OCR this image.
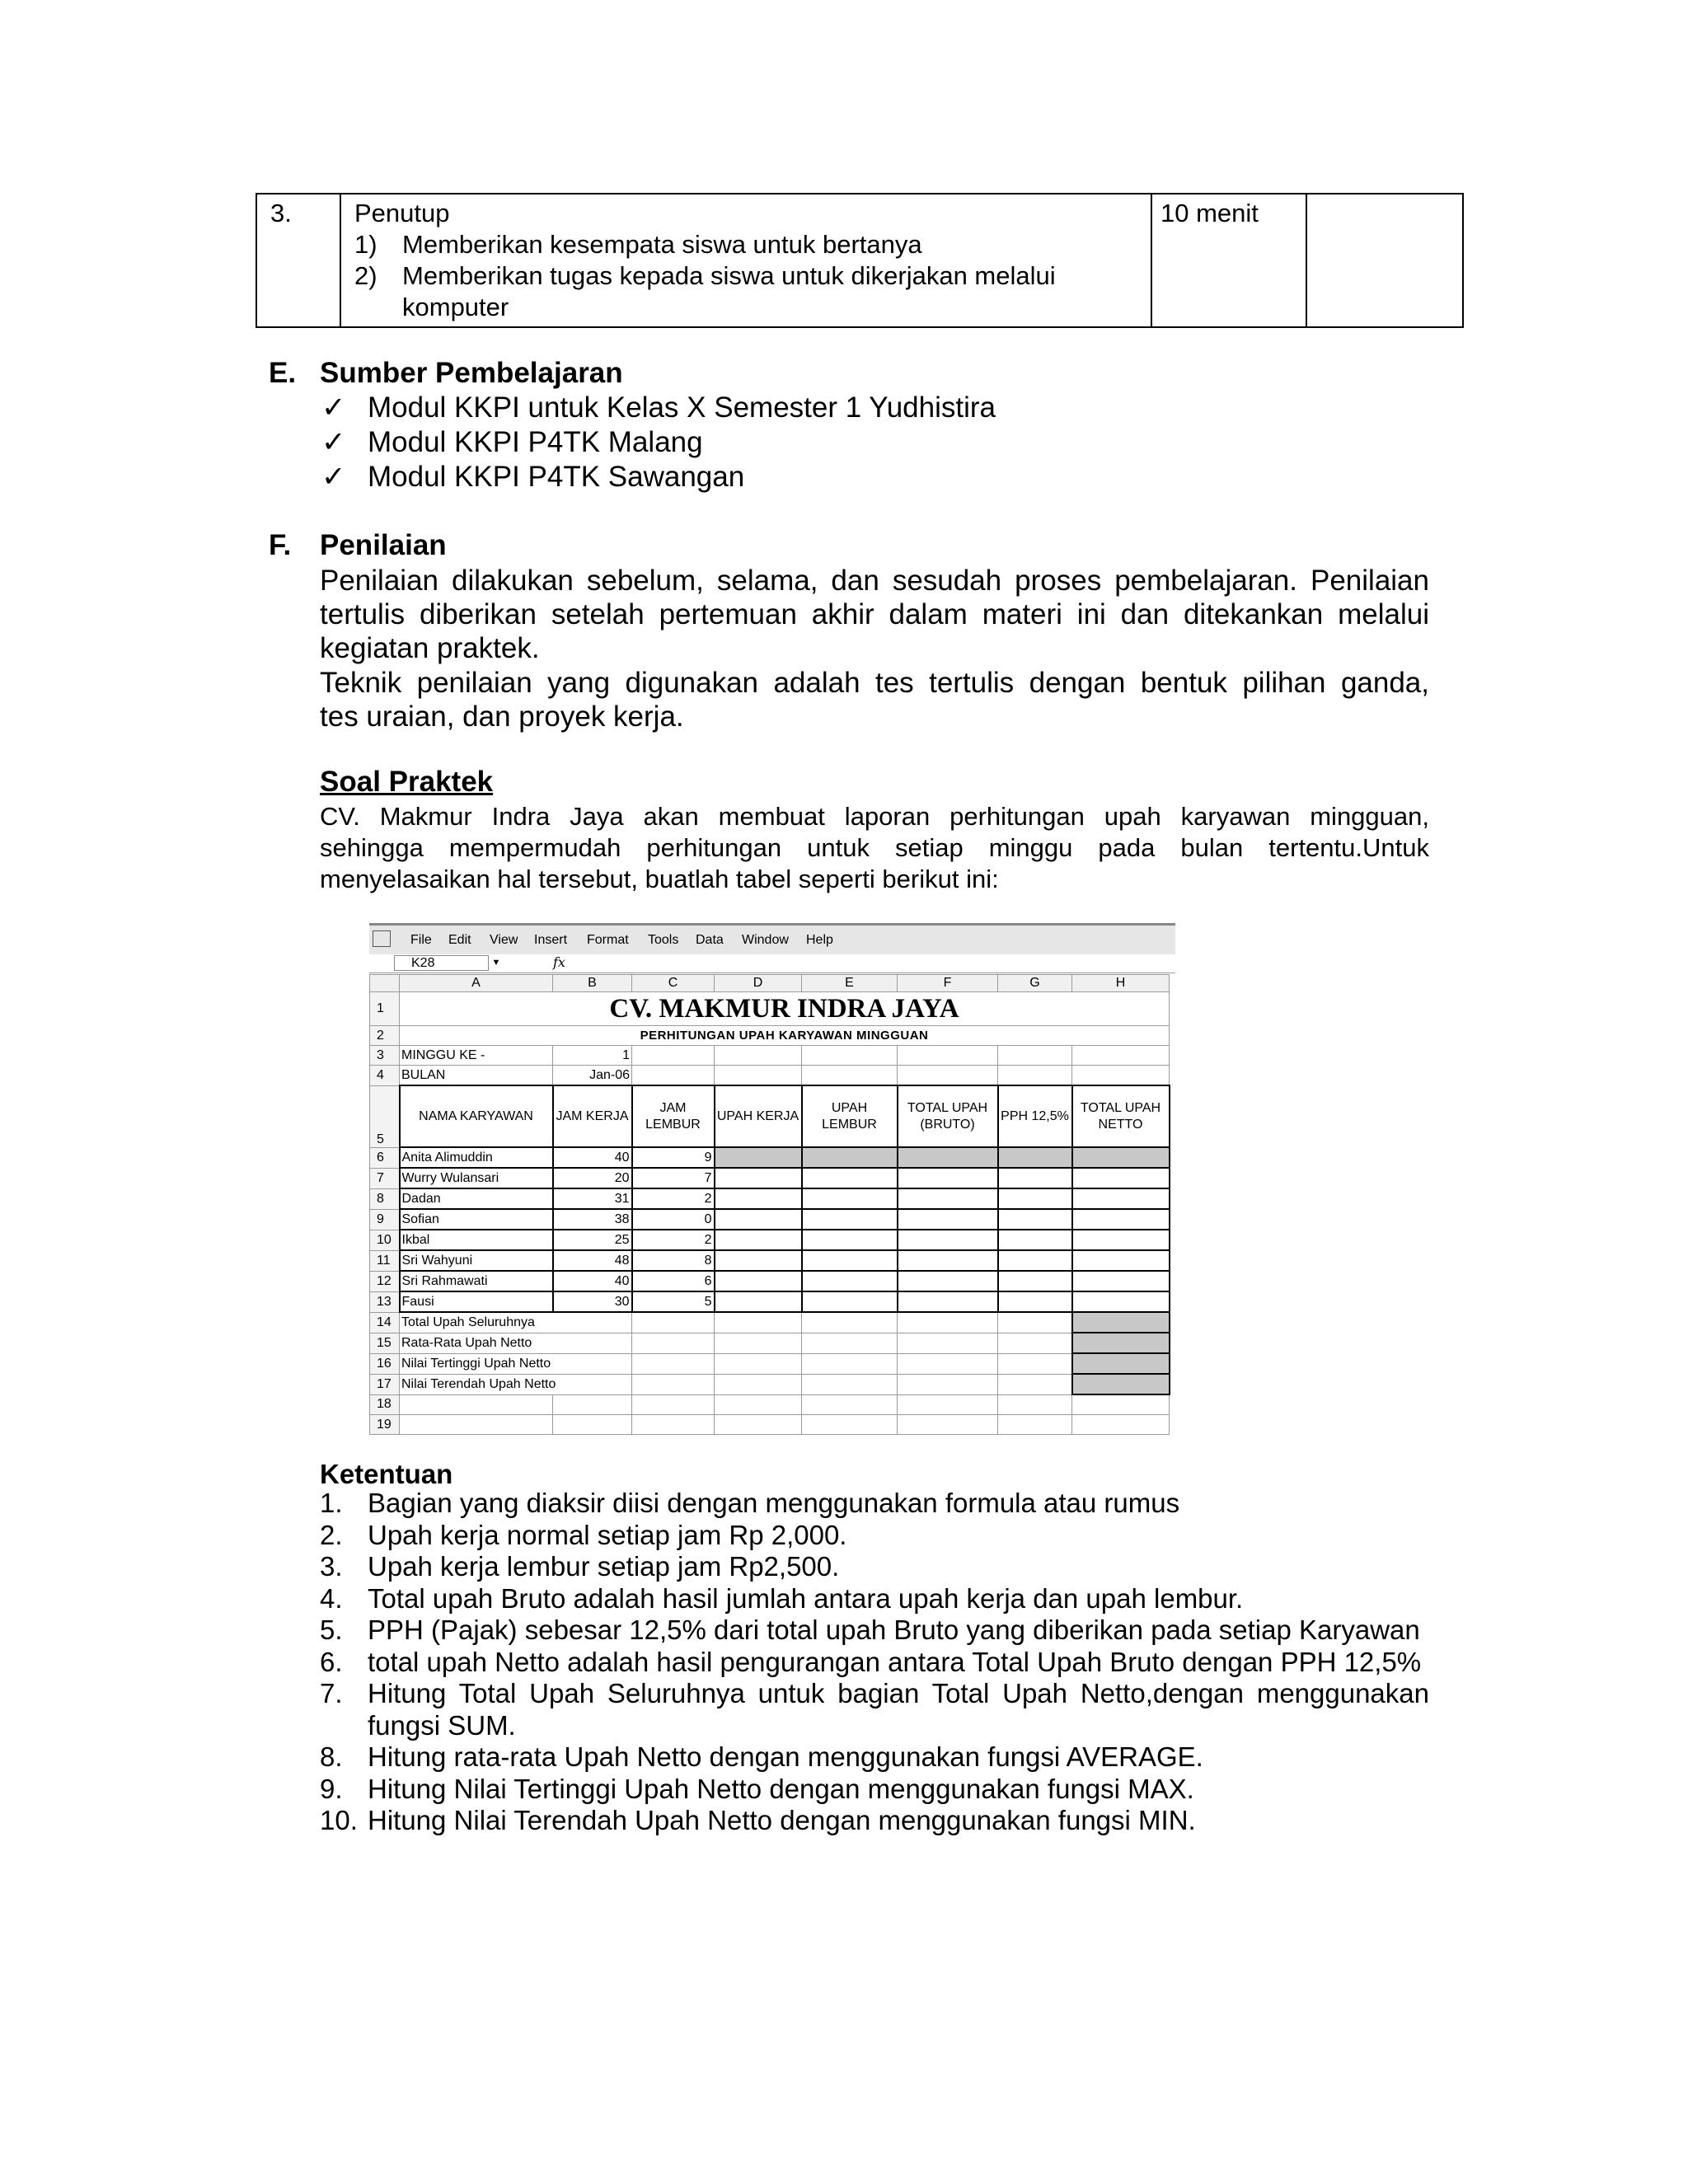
3.	Penutup
1) Memberikan kesempata siswa untuk bertanya
2) Memberikan tugas kepada siswa untuk dikerjakan melalui komputer
	10 menit	
E. Sumber Pembelajaran
✓ Modul KKPI untuk Kelas X Semester 1 Yudhistira
✓ Modul KKPI P4TK Malang
✓ Modul KKPI P4TK Sawangan
F. Penilaian
Penilaian dilakukan sebelum, selama, dan sesudah proses pembelajaran. Penilaian
tertulis diberikan setelah pertemuan akhir dalam materi ini dan ditekankan melalui
kegiatan praktek.
Teknik penilaian yang digunakan adalah tes tertulis dengan bentuk pilihan ganda,
tes uraian, dan proyek kerja.
Soal Praktek
CV. Makmur Indra Jaya akan membuat laporan perhitungan upah karyawan mingguan,
sehingga mempermudah perhitungan untuk setiap minggu pada bulan tertentu.Untuk
menyelasaikan hal tersebut, buatlah tabel seperti berikut ini:
File Edit View Insert Format Tools Data Window Help
K28	▼	fx
	A	B	C	D	E	F	G	H
1	CV. MAKMUR INDRA JAYA							
2	PERHITUNGAN UPAH KARYAWAN MINGGUAN							
3	MINGGU KE -	1						
4	BULAN	Jan-06						
5	NAMA KARYAWAN	JAM KERJA	JAM LEMBUR	UPAH KERJA	UPAH LEMBUR	TOTAL UPAH (BRUTO)	PPH 12,5%	TOTAL UPAH NETTO
6	Anita Alimuddin	40	9					
7	Wurry Wulansari	20	7					
8	Dadan	31	2					
9	Sofian	38	0					
10	Ikbal	25	2					
11	Sri Wahyuni	48	8					
12	Sri Rahmawati	40	6					
13	Fausi	30	5					
14	Total Upah Seluruhnya							
15	Rata-Rata Upah Netto							
16	Nilai Tertinggi Upah Netto							
17	Nilai Terendah Upah Netto							
18								
19								
Ketentuan
1. Bagian yang diaksir diisi dengan menggunakan formula atau rumus
2. Upah kerja normal setiap jam Rp 2,000.
3. Upah kerja lembur setiap jam Rp2,500.
4. Total upah Bruto adalah hasil jumlah antara upah kerja dan upah lembur.
5. PPH (Pajak) sebesar 12,5% dari total upah Bruto yang diberikan pada setiap Karyawan
6. total upah Netto adalah hasil pengurangan antara Total Upah Bruto dengan PPH 12,5%
7. Hitung Total Upah Seluruhnya untuk bagian Total Upah Netto,dengan menggunakan fungsi SUM.
8. Hitung rata-rata Upah Netto dengan menggunakan fungsi AVERAGE.
9. Hitung Nilai Tertinggi Upah Netto dengan menggunakan fungsi MAX.
10. Hitung Nilai Terendah Upah Netto dengan menggunakan fungsi MIN.
